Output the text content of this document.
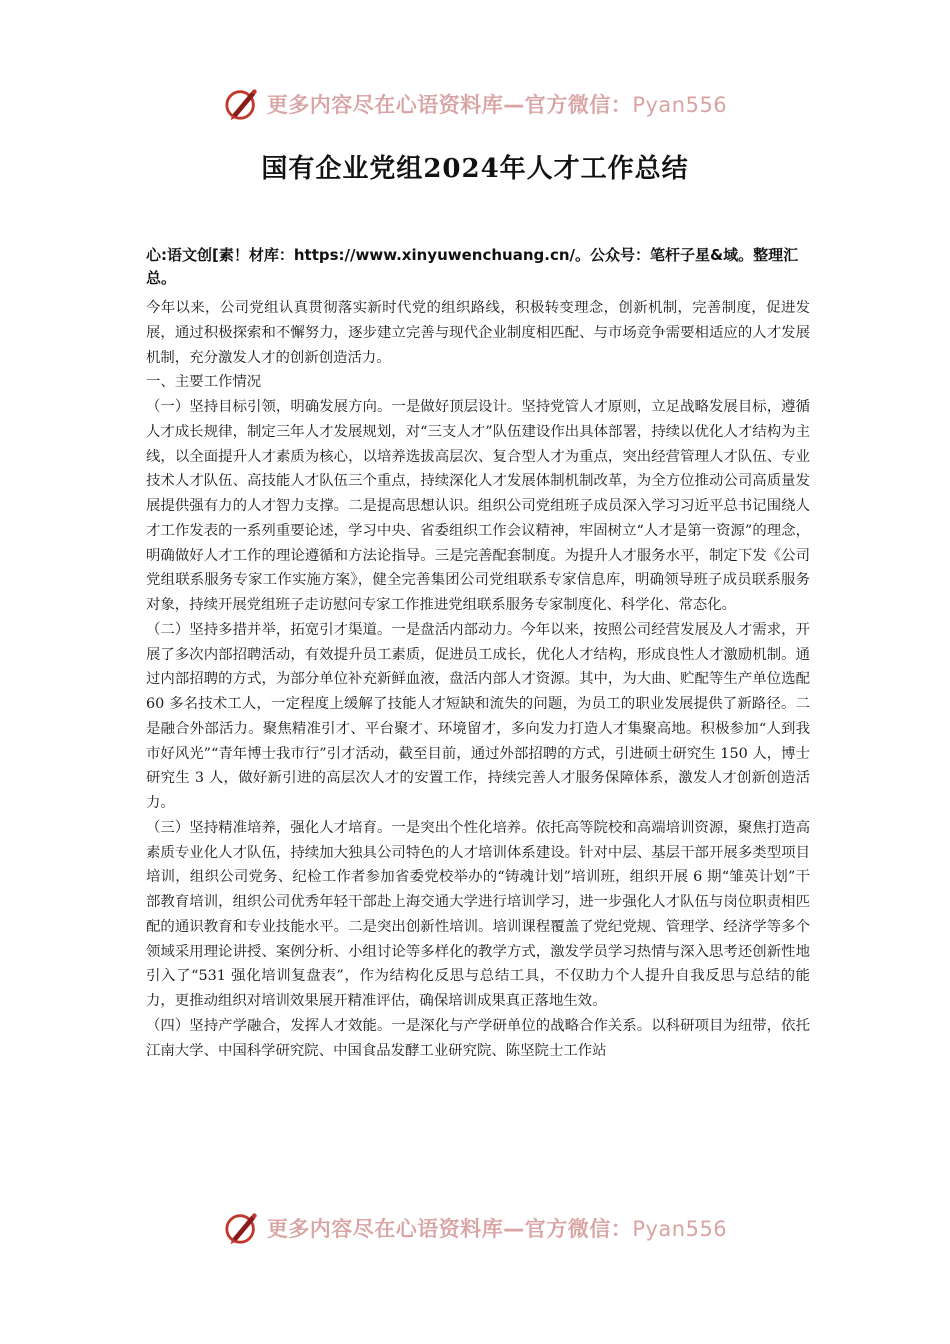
更多内容尽在心语资料库—官方微信：Pyan556
国有企业党组2024年人才工作总结
心:语文创[素！材库：https://www.xinyuwenchuang.cn/。公众号：笔杆子星&域。整理汇总。

今年以来，公司党组认真贯彻落实新时代党的组织路线，积极转变理念，创新机制，完善制度，促进发展，通过积极探索和不懈努力，逐步建立完善与现代企业制度相匹配、与市场竞争需要相适应的人才发展机制，充分激发人才的创新创造活力。

一、主要工作情况

（一）坚持目标引领，明确发展方向。一是做好顶层设计。坚持党管人才原则，立足战略发展目标，遵循人才成长规律，制定三年人才发展规划，对“三支人才”队伍建设作出具体部署，持续以优化人才结构为主线，以全面提升人才素质为核心，以培养选拔高层次、复合型人才为重点，突出经营管理人才队伍、专业技术人才队伍、高技能人才队伍三个重点，持续深化人才发展体制机制改革，为全方位推动公司高质量发展提供强有力的人才智力支撑。二是提高思想认识。组织公司党组班子成员深入学习习近平总书记围绕人才工作发表的一系列重要论述，学习中央、省委组织工作会议精神，牢固树立“人才是第一资源”的理念，明确做好人才工作的理论遵循和方法论指导。三是完善配套制度。为提升人才服务水平，制定下发《公司党组联系服务专家工作实施方案》，健全完善集团公司党组联系专家信息库，明确领导班子成员联系服务对象，持续开展党组班子走访慰问专家工作推进党组联系服务专家制度化、科学化、常态化。

（二）坚持多措并举，拓宽引才渠道。一是盘活内部动力。今年以来，按照公司经营发展及人才需求，开展了多次内部招聘活动，有效提升员工素质，促进员工成长，优化人才结构，形成良性人才激励机制。通过内部招聘的方式，为部分单位补充新鲜血液，盘活内部人才资源。其中，为大曲、贮配等生产单位选配 60 多名技术工人，一定程度上缓解了技能人才短缺和流失的问题，为员工的职业发展提供了新路径。二是融合外部活力。聚焦精准引才、平台聚才、环境留才，多向发力打造人才集聚高地。积极参加“人到我市好风光”“青年博士我市行”引才活动，截至目前，通过外部招聘的方式，引进硕士研究生 150 人，博士研究生 3 人，做好新引进的高层次人才的安置工作，持续完善人才服务保障体系，激发人才创新创造活力。

（三）坚持精准培养，强化人才培育。一是突出个性化培养。依托高等院校和高端培训资源，聚焦打造高素质专业化人才队伍，持续加大独具公司特色的人才培训体系建设。针对中层、基层干部开展多类型项目培训，组织公司党务、纪检工作者参加省委党校举办的“铸魂计划”培训班，组织开展 6 期“雏英计划”干部教育培训，组织公司优秀年轻干部赴上海交通大学进行培训学习，进一步强化人才队伍与岗位职责相匹配的通识教育和专业技能水平。二是突出创新性培训。培训课程覆盖了党纪党规、管理学、经济学等多个领域采用理论讲授、案例分析、小组讨论等多样化的教学方式，激发学员学习热情与深入思考还创新性地引入了“531 强化培训复盘表”，作为结构化反思与总结工具，不仅助力个人提升自我反思与总结的能力，更推动组织对培训效果展开精准评估，确保培训成果真正落地生效。

（四）坚持产学融合，发挥人才效能。一是深化与产学研单位的战略合作关系。以科研项目为纽带，依托江南大学、中国科学研究院、中国食品发酵工业研究院、陈坚院士工作站

更多内容尽在心语资料库—官方微信：Pyan556
